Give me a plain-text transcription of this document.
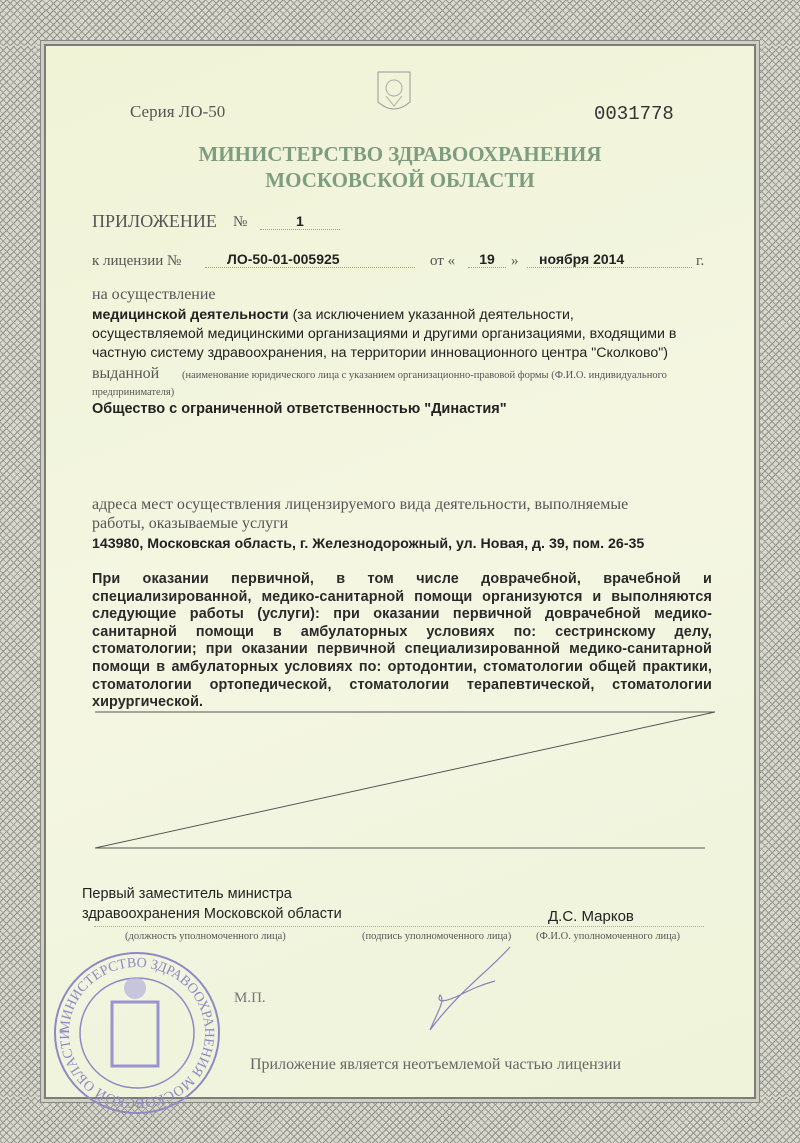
Серия ЛО-50	0031778
МИНИСТЕРСТВО ЗДРАВООХРАНЕНИЯ
МОСКОВСКОЙ ОБЛАСТИ
ПРИЛОЖЕНИЕ №	1
к лицензии №	ЛО-50-01-005925	от «	19	»	ноября 2014	г.
на осуществление
медицинской деятельности (за исключением указанной деятельности,
осуществляемой медицинскими организациями и другими организациями, входящими в
частную систему здравоохранения, на территории инновационного центра "Сколково")
выданной (наименование юридического лица с указанием организационно-правовой формы (Ф.И.О. индивидуального
предпринимателя)
Общество с ограниченной ответственностью "Династия"
адреса мест осуществления лицензируемого вида деятельности, выполняемые
работы, оказываемые услуги
143980, Московская область, г. Железнодорожный, ул. Новая, д. 39, пом. 26-35
При оказании первичной, в том числе доврачебной, врачебной и специализированной, медико-санитарной помощи организуются и выполняются следующие работы (услуги): при оказании первичной доврачебной медико-санитарной помощи в амбулаторных условиях по: сестринскому делу, стоматологии; при оказании первичной специализированной медико-санитарной помощи в амбулаторных условиях по: ортодонтии, стоматологии общей практики, стоматологии ортопедической, стоматологии терапевтической, стоматологии хирургической.
Первый заместитель министра
здравоохранения Московской области	Д.С. Марков
(должность уполномоченного лица)	(подпись уполномоченного лица) (Ф.И.О. уполномоченного лица)
МИНИСТЕРСТВО ЗДРАВООХРАНЕНИЯ МОСКОВСКОЙ ОБЛАСТИ
М.П.
Приложение является неотъемлемой частью лицензии
